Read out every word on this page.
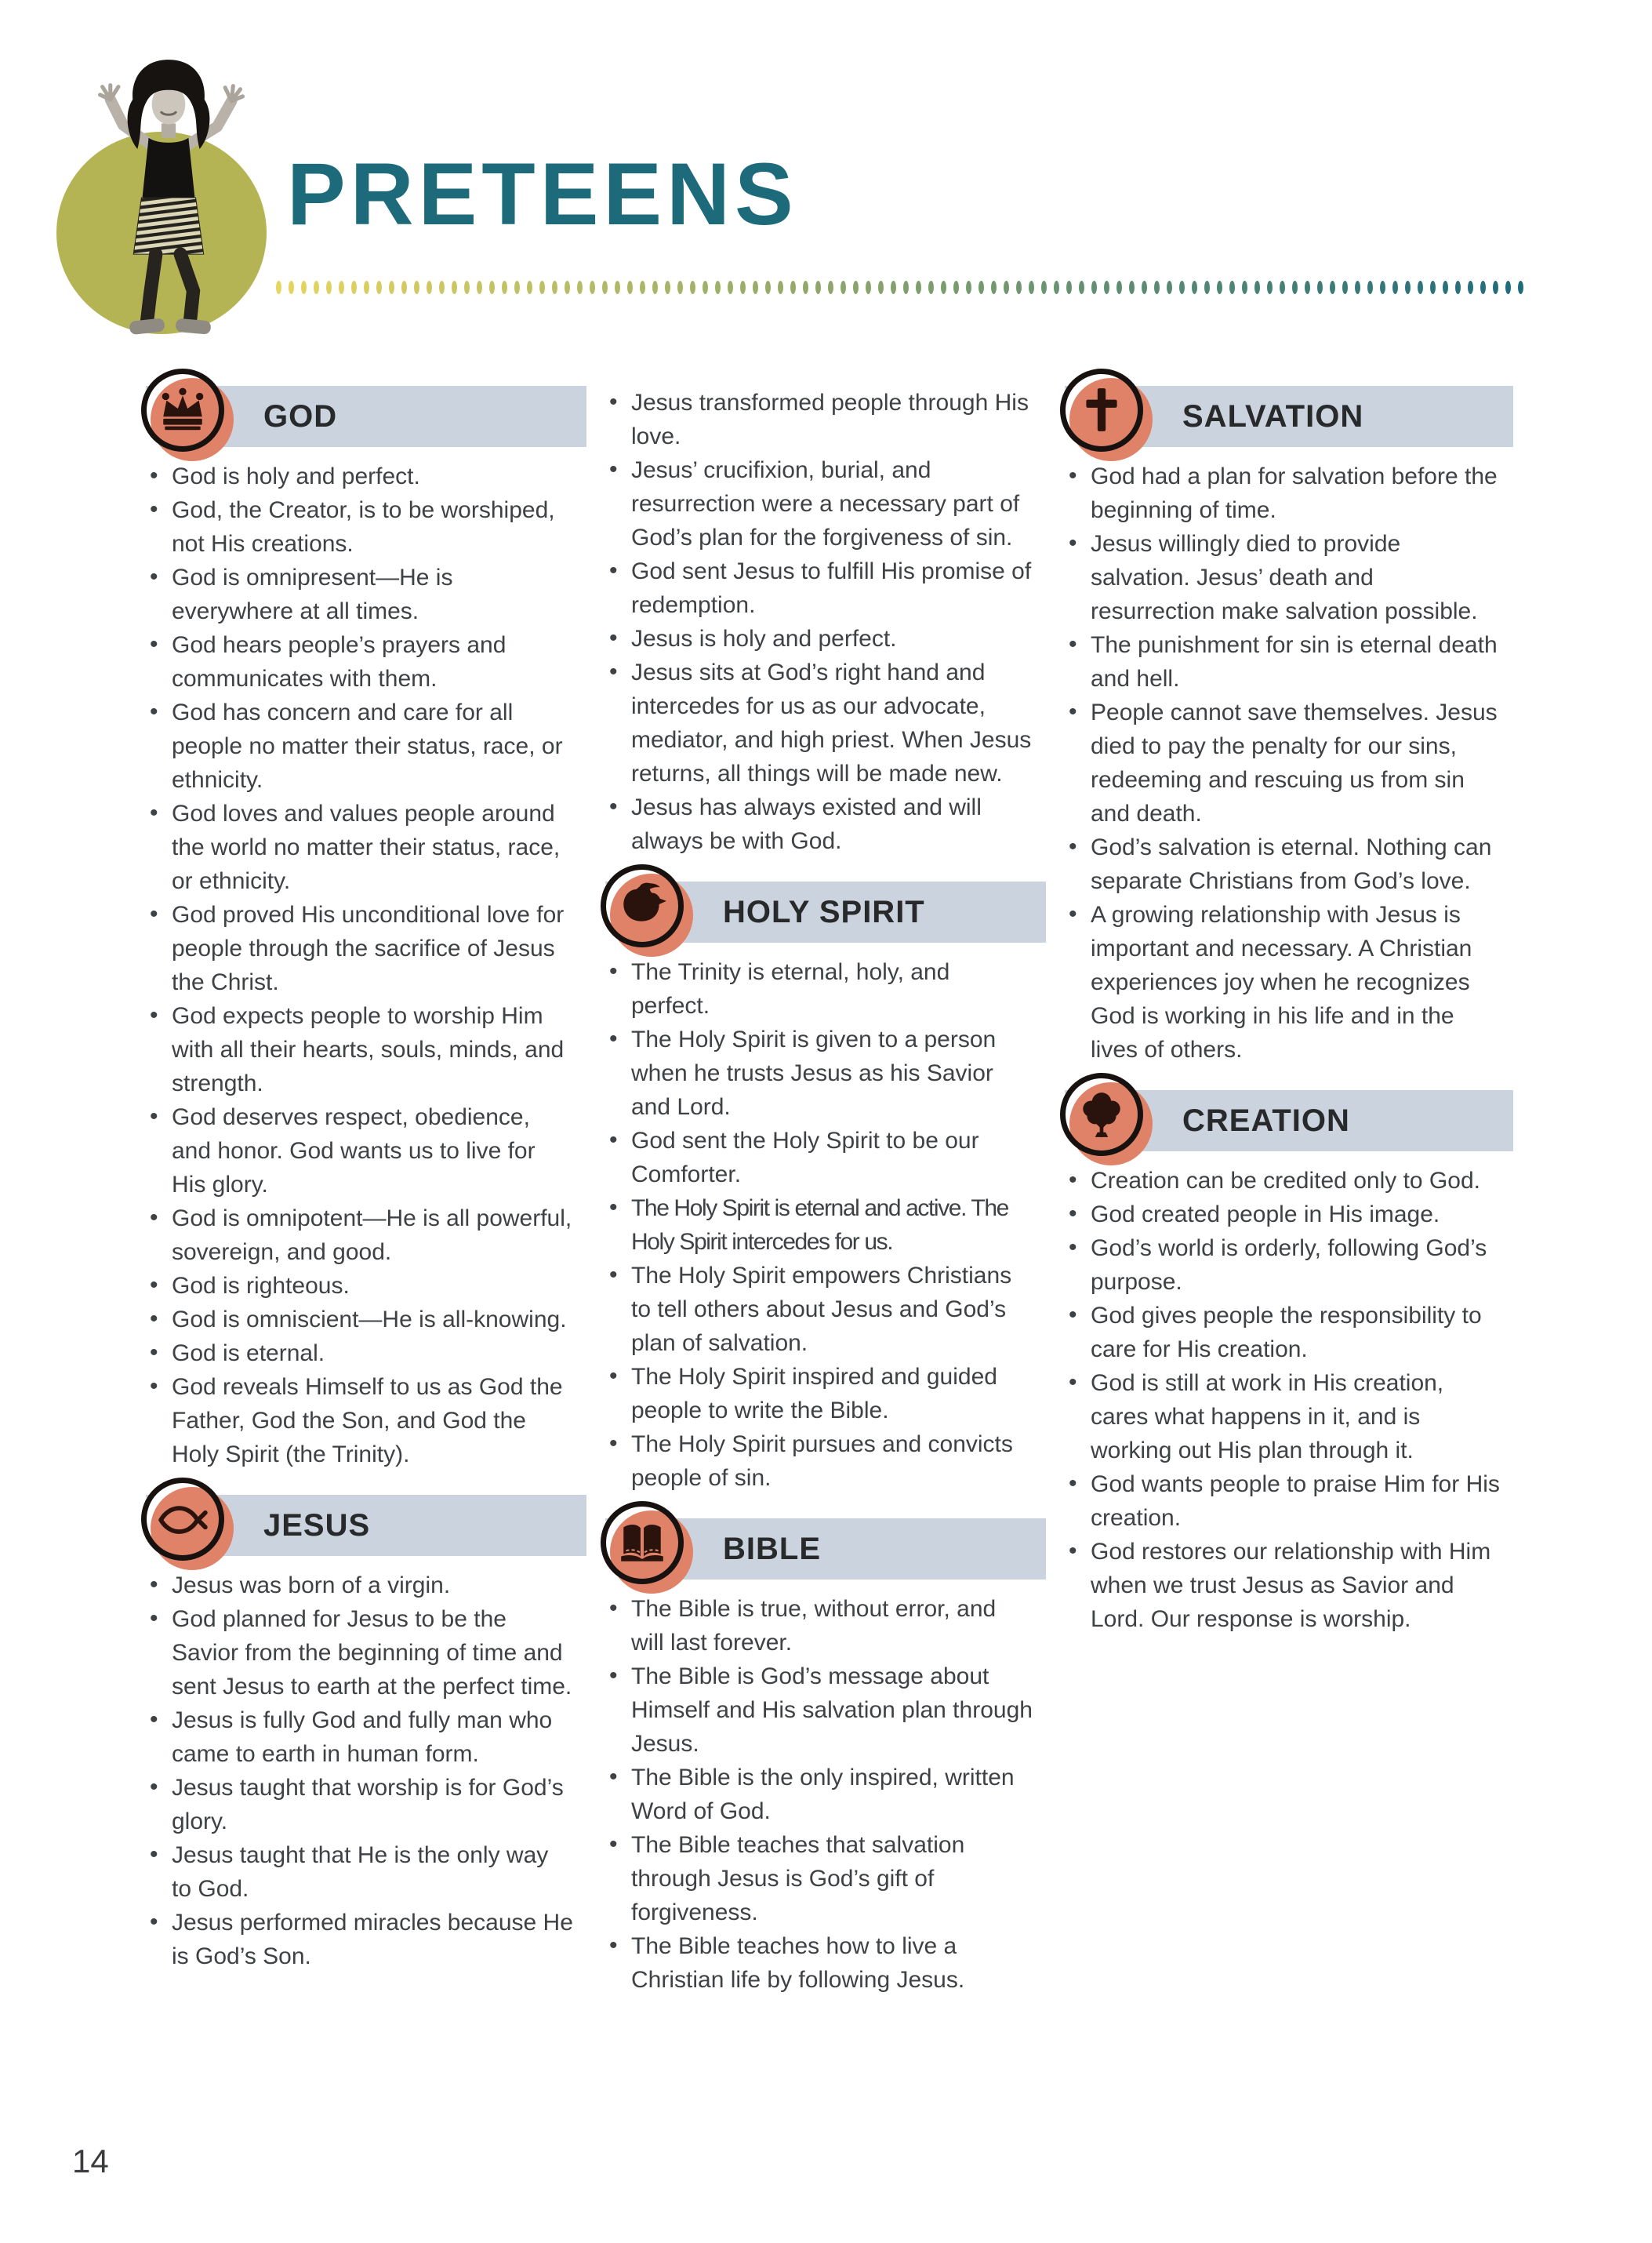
PRETEENS
GOD
• God is holy and perfect.
• God, the Creator, is to be worshiped, not His creations.
• God is omnipresent—He is everywhere at all times.
• God hears people’s prayers and communicates with them.
• God has concern and care for all people no matter their status, race, or ethnicity.
• God loves and values people around the world no matter their status, race, or ethnicity.
• God proved His unconditional love for people through the sacrifice of Jesus the Christ.
• God expects people to worship Him with all their hearts, souls, minds, and strength.
• God deserves respect, obedience, and honor. God wants us to live for His glory.
• God is omnipotent—He is all powerful, sovereign, and good.
• God is righteous.
• God is omniscient—He is all-knowing.
• God is eternal.
• God reveals Himself to us as God the Father, God the Son, and God the Holy Spirit (the Trinity).
JESUS
• Jesus was born of a virgin.
• God planned for Jesus to be the Savior from the beginning of time and sent Jesus to earth at the perfect time.
• Jesus is fully God and fully man who came to earth in human form.
• Jesus taught that worship is for God’s glory.
• Jesus taught that He is the only way to God.
• Jesus performed miracles because He is God’s Son.
• Jesus transformed people through His love.
• Jesus’ crucifixion, burial, and resurrection were a necessary part of God’s plan for the forgiveness of sin.
• God sent Jesus to fulfill His promise of redemption.
• Jesus is holy and perfect.
• Jesus sits at God’s right hand and intercedes for us as our advocate, mediator, and high priest. When Jesus returns, all things will be made new.
• Jesus has always existed and will always be with God.
HOLY SPIRIT
• The Trinity is eternal, holy, and perfect.
• The Holy Spirit is given to a person when he trusts Jesus as his Savior and Lord.
• God sent the Holy Spirit to be our Comforter.
• The Holy Spirit is eternal and active. The Holy Spirit intercedes for us.
• The Holy Spirit empowers Christians to tell others about Jesus and God’s plan of salvation.
• The Holy Spirit inspired and guided people to write the Bible.
• The Holy Spirit pursues and convicts people of sin.
BIBLE
• The Bible is true, without error, and will last forever.
• The Bible is God’s message about Himself and His salvation plan through Jesus.
• The Bible is the only inspired, written Word of God.
• The Bible teaches that salvation through Jesus is God’s gift of forgiveness.
• The Bible teaches how to live a Christian life by following Jesus.
SALVATION
• God had a plan for salvation before the beginning of time.
• Jesus willingly died to provide salvation. Jesus’ death and resurrection make salvation possible.
• The punishment for sin is eternal death and hell.
• People cannot save themselves. Jesus died to pay the penalty for our sins, redeeming and rescuing us from sin and death.
• God’s salvation is eternal. Nothing can separate Christians from God’s love.
• A growing relationship with Jesus is important and necessary. A Christian experiences joy when he recognizes God is working in his life and in the lives of others.
CREATION
• Creation can be credited only to God.
• God created people in His image.
• God’s world is orderly, following God’s purpose.
• God gives people the responsibility to care for His creation.
• God is still at work in His creation, cares what happens in it, and is working out His plan through it.
• God wants people to praise Him for His creation.
• God restores our relationship with Him when we trust Jesus as Savior and Lord. Our response is worship.
14
